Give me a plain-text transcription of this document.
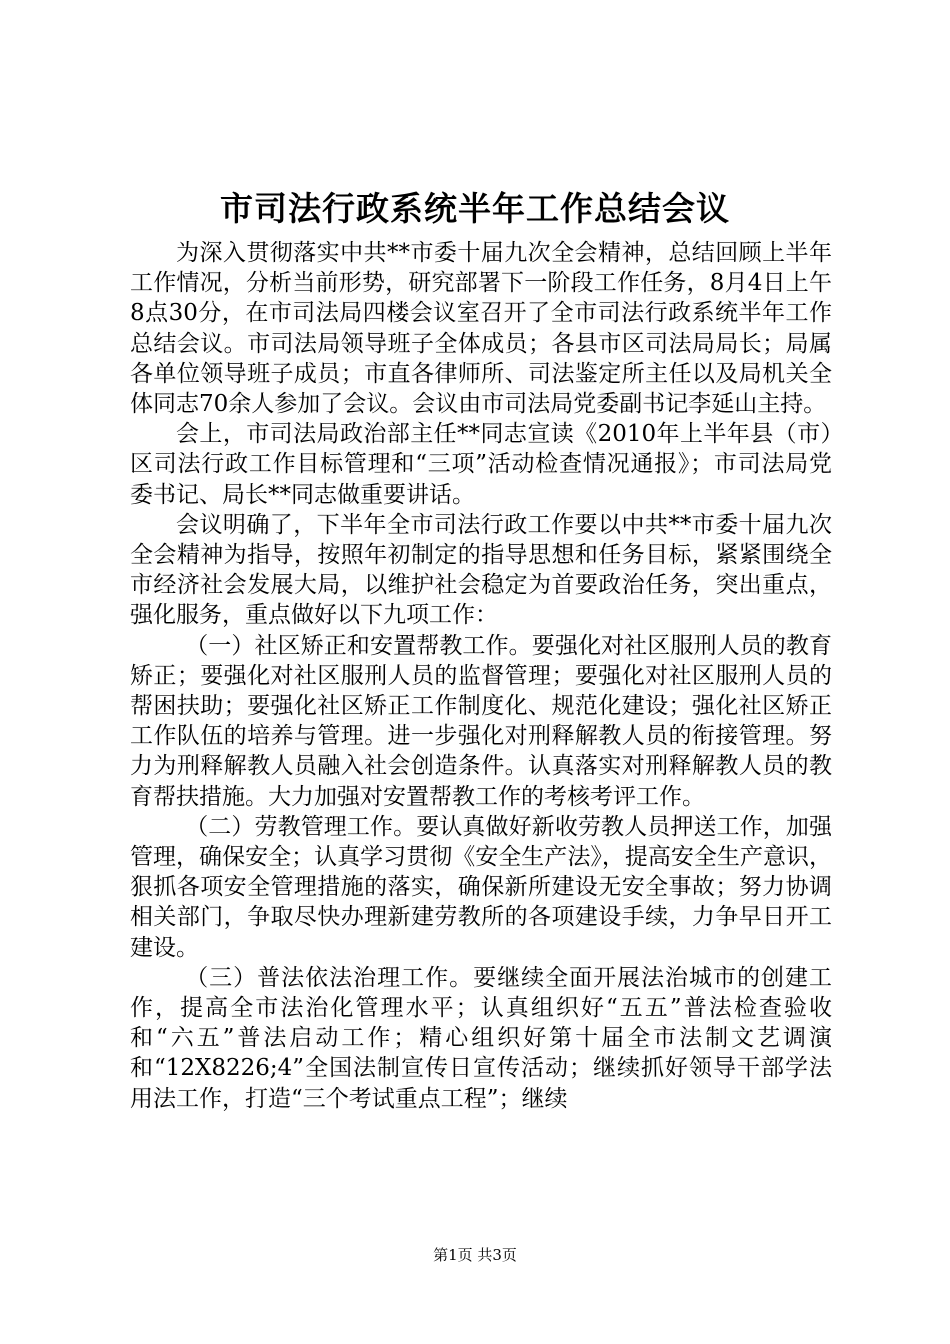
市司法行政系统半年工作总结会议

为深入贯彻落实中共**市委十届九次全会精神，总结回顾上半年工作情况，分析当前形势，研究部署下一阶段工作任务，8月4日上午8点30分，在市司法局四楼会议室召开了全市司法行政系统半年工作总结会议。市司法局领导班子全体成员；各县市区司法局局长；局属各单位领导班子成员；市直各律师所、司法鉴定所主任以及局机关全体同志70余人参加了会议。会议由市司法局党委副书记李延山主持。

会上，市司法局政治部主任**同志宣读《2010年上半年县（市）区司法行政工作目标管理和“三项”活动检查情况通报》；市司法局党委书记、局长**同志做重要讲话。

会议明确了，下半年全市司法行政工作要以中共**市委十届九次全会精神为指导，按照年初制定的指导思想和任务目标，紧紧围绕全市经济社会发展大局，以维护社会稳定为首要政治任务，突出重点，强化服务，重点做好以下九项工作：

（一）社区矫正和安置帮教工作。要强化对社区服刑人员的教育矫正；要强化对社区服刑人员的监督管理；要强化对社区服刑人员的帮困扶助；要强化社区矫正工作制度化、规范化建设；强化社区矫正工作队伍的培养与管理。进一步强化对刑释解教人员的衔接管理。努力为刑释解教人员融入社会创造条件。认真落实对刑释解教人员的教育帮扶措施。大力加强对安置帮教工作的考核考评工作。

（二）劳教管理工作。要认真做好新收劳教人员押送工作，加强管理，确保安全；认真学习贯彻《安全生产法》，提高安全生产意识，狠抓各项安全管理措施的落实，确保新所建设无安全事故；努力协调相关部门，争取尽快办理新建劳教所的各项建设手续，力争早日开工建设。

（三）普法依法治理工作。要继续全面开展法治城市的创建工作，提高全市法治化管理水平；认真组织好“五五”普法检查验收和“六五”普法启动工作；精心组织好第十届全市法制文艺调演和“12X8226;4”全国法制宣传日宣传活动；继续抓好领导干部学法用法工作，打造“三个考试重点工程”；继续

第1页 共3页
